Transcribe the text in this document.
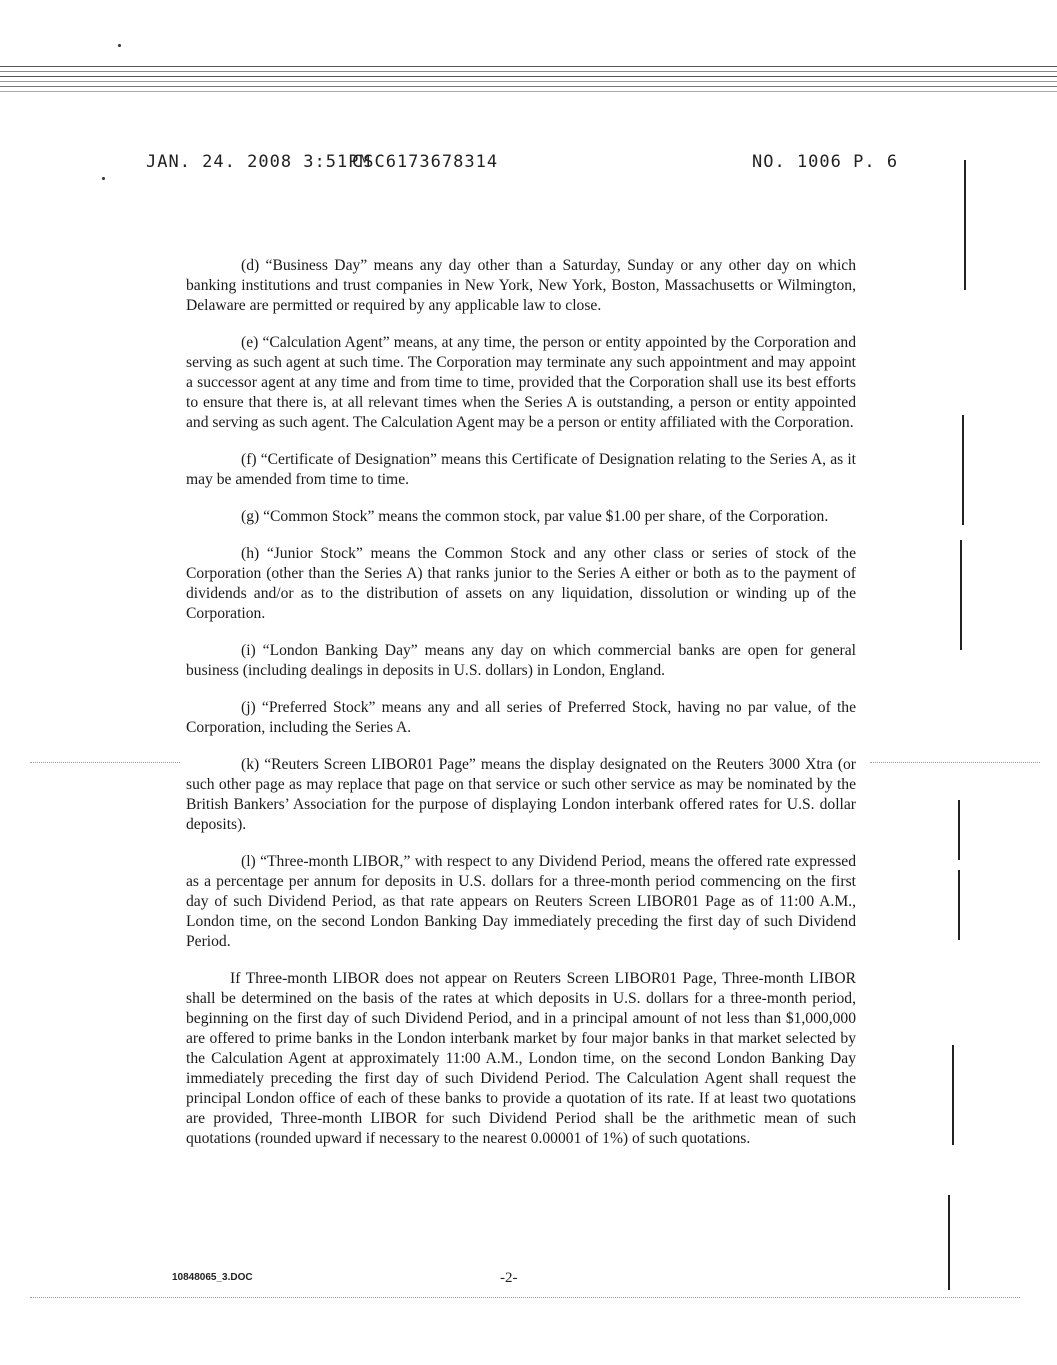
JAN. 24. 2008 3:51PM
CSC6173678314	NO. 1006 P. 6

(d) “Business Day” means any day other than a Saturday, Sunday or any other day on which banking institutions and trust companies in New York, New York, Boston, Massachusetts or Wilmington, Delaware are permitted or required by any applicable law to close.

(e) “Calculation Agent” means, at any time, the person or entity appointed by the Corporation and serving as such agent at such time. The Corporation may terminate any such appointment and may appoint a successor agent at any time and from time to time, provided that the Corporation shall use its best efforts to ensure that there is, at all relevant times when the Series A is outstanding, a person or entity appointed and serving as such agent. The Calculation Agent may be a person or entity affiliated with the Corporation.

(f) “Certificate of Designation” means this Certificate of Designation relating to the Series A, as it may be amended from time to time.

(g) “Common Stock” means the common stock, par value $1.00 per share, of the Corporation.

(h) “Junior Stock” means the Common Stock and any other class or series of stock of the Corporation (other than the Series A) that ranks junior to the Series A either or both as to the payment of dividends and/or as to the distribution of assets on any liquidation, dissolution or winding up of the Corporation.

(i) “London Banking Day” means any day on which commercial banks are open for general business (including dealings in deposits in U.S. dollars) in London, England.

(j) “Preferred Stock” means any and all series of Preferred Stock, having no par value, of the Corporation, including the Series A.

(k) “Reuters Screen LIBOR01 Page” means the display designated on the Reuters 3000 Xtra (or such other page as may replace that page on that service or such other service as may be nominated by the British Bankers’ Association for the purpose of displaying London interbank offered rates for U.S. dollar deposits).

(l) “Three-month LIBOR,” with respect to any Dividend Period, means the offered rate expressed as a percentage per annum for deposits in U.S. dollars for a three-month period commencing on the first day of such Dividend Period, as that rate appears on Reuters Screen LIBOR01 Page as of 11:00 A.M., London time, on the second London Banking Day immediately preceding the first day of such Dividend Period.

If Three-month LIBOR does not appear on Reuters Screen LIBOR01 Page, Three-month LIBOR shall be determined on the basis of the rates at which deposits in U.S. dollars for a three-month period, beginning on the first day of such Dividend Period, and in a principal amount of not less than $1,000,000 are offered to prime banks in the London interbank market by four major banks in that market selected by the Calculation Agent at approximately 11:00 A.M., London time, on the second London Banking Day immediately preceding the first day of such Dividend Period. The Calculation Agent shall request the principal London office of each of these banks to provide a quotation of its rate. If at least two quotations are provided, Three-month LIBOR for such Dividend Period shall be the arithmetic mean of such quotations (rounded upward if necessary to the nearest 0.00001 of 1%) of such quotations.

10848065_3.DOC	-2-
